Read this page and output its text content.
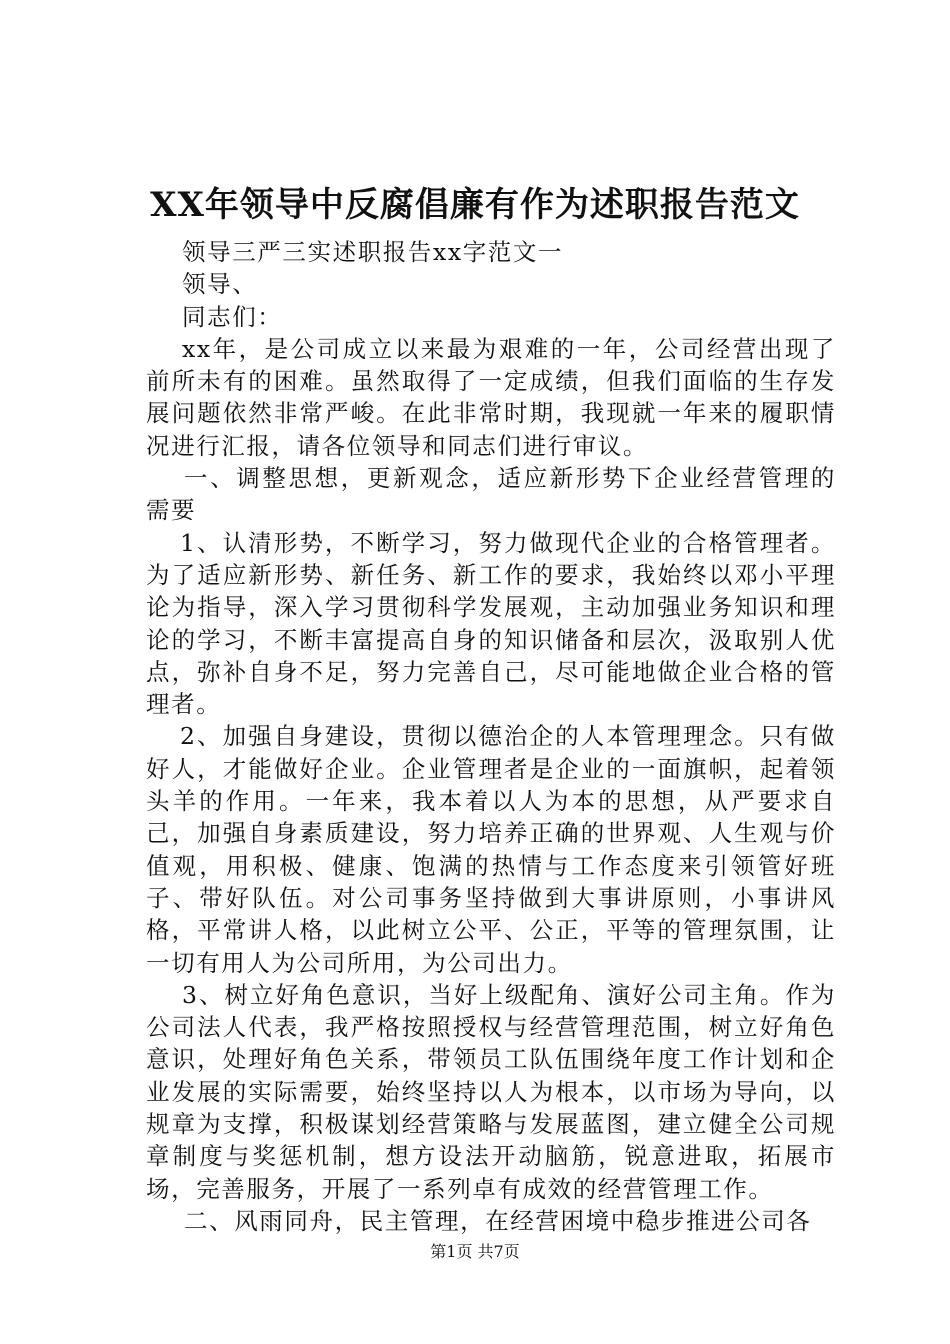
XX年领导中反腐倡廉有作为述职报告范文

领导三严三实述职报告xx字范文一

领导、

同志们：

xx年，是公司成立以来最为艰难的一年，公司经营出现了前所未有的困难。虽然取得了一定成绩，但我们面临的生存发展问题依然非常严峻。在此非常时期，我现就一年来的履职情况进行汇报，请各位领导和同志们进行审议。

一、调整思想，更新观念，适应新形势下企业经营管理的需要

1、认清形势，不断学习，努力做现代企业的合格管理者。为了适应新形势、新任务、新工作的要求，我始终以邓小平理论为指导，深入学习贯彻科学发展观，主动加强业务知识和理论的学习，不断丰富提高自身的知识储备和层次，汲取别人优点，弥补自身不足，努力完善自己，尽可能地做企业合格的管理者。

2、加强自身建设，贯彻以德治企的人本管理理念。只有做好人，才能做好企业。企业管理者是企业的一面旗帜，起着领头羊的作用。一年来，我本着以人为本的思想，从严要求自己，加强自身素质建设，努力培养正确的世界观、人生观与价值观，用积极、健康、饱满的热情与工作态度来引领管好班子、带好队伍。对公司事务坚持做到大事讲原则，小事讲风格，平常讲人格，以此树立公平、公正，平等的管理氛围，让一切有用人为公司所用，为公司出力。

3、树立好角色意识，当好上级配角、演好公司主角。作为公司法人代表，我严格按照授权与经营管理范围，树立好角色意识，处理好角色关系，带领员工队伍围绕年度工作计划和企业发展的实际需要，始终坚持以人为根本，以市场为导向，以规章为支撑，积极谋划经营策略与发展蓝图，建立健全公司规章制度与奖惩机制，想方设法开动脑筋，锐意进取，拓展市场，完善服务，开展了一系列卓有成效的经营管理工作。

二、风雨同舟，民主管理，在经营困境中稳步推进公司各

第1页 共7页
